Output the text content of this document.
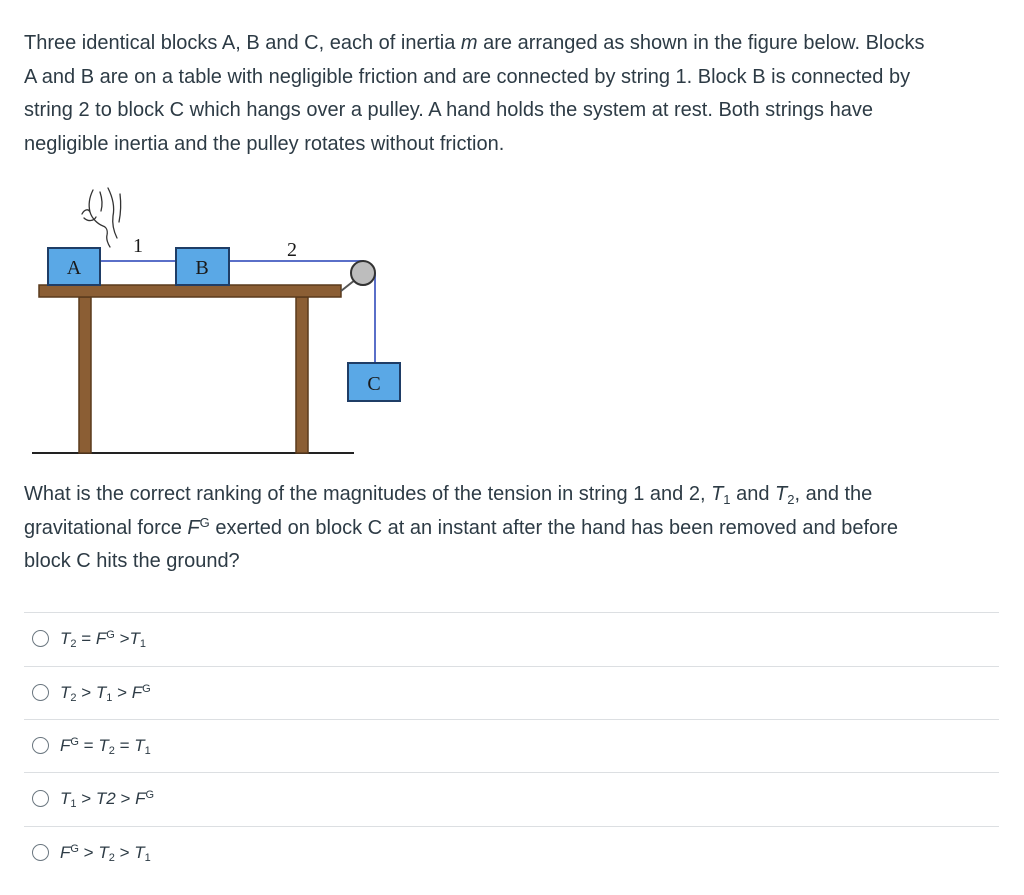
Three identical blocks A, B and C, each of inertia m are arranged as shown in the figure below. Blocks
A and B are on a table with negligible friction and are connected by string 1. Block B is connected by
string 2 to block C which hangs over a pulley. A hand holds the system at rest. Both strings have
negligible inertia and the pulley rotates without friction.
A	B
C
1	2
What is the correct ranking of the magnitudes of the tension in string 1 and 2, $T_1$ and $T_2$, and the
gravitational force $F^G$ exerted on block C at an instant after the hand has been removed and before
block C hits the ground?
$T_2 = F^G >T_1$
$T_2 > T_1 > F^G$
$F^G = T_2 = T_1$
$T_1 > T2 > F^G$
$F^G > T_2 > T_1$
